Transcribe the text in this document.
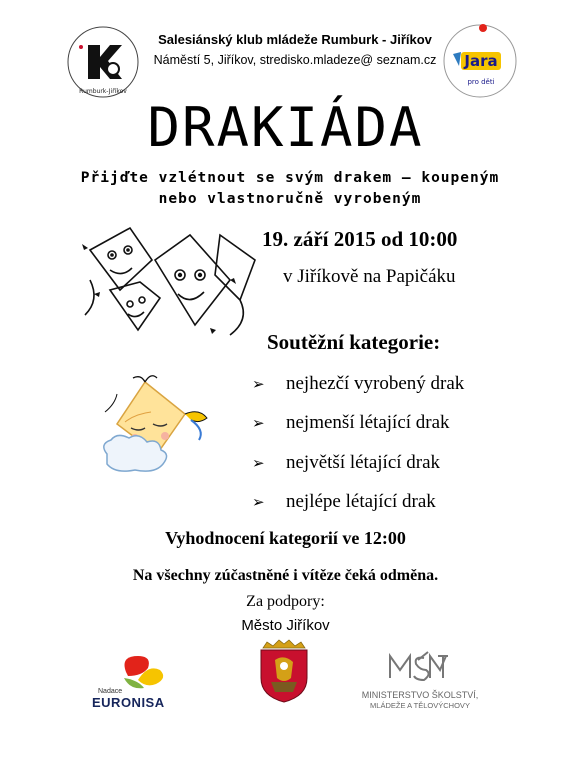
Rumburk-Jiříkov
Salesiánský klub mládeže Rumburk - Jiříkov
Náměstí 5, Jiříkov, stredisko.mladeze@ seznam.cz	Jara
pro děti
DRAKIÁDA
Přijďte vzlétnout se svým drakem – koupeným
nebo vlastnoručně vyrobeným
19. září 2015 od 10:00
v Jiříkově na Papičáku
Soutěžní kategorie:
➢ nejhezčí vyrobený drak
➢ nejmenší létající drak
➢ největší létající drak
➢ nejlépe létající drak
Vyhodnocení kategorií ve 12:00
Na všechny zúčastněné i vítěze čeká odměna.
Za podpory:
Město Jiříkov
Nadace
EURONISA	MINISTERSTVO ŠKOLSTVÍ,
MLÁDEŽE A TĚLOVÝCHOVY
